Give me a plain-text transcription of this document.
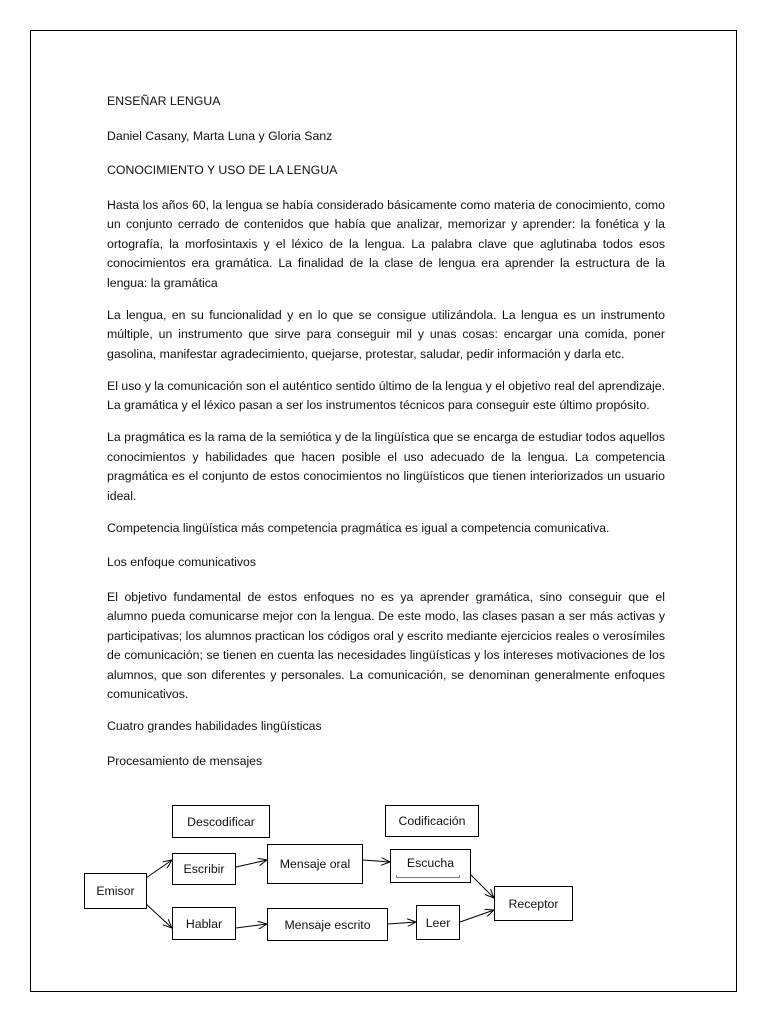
ENSEÑAR LENGUA

Daniel Casany, Marta Luna y Gloria Sanz

CONOCIMIENTO Y USO DE LA LENGUA

Hasta los años 60, la lengua se había considerado básicamente como materia de conocimiento, como un conjunto cerrado de contenidos que había que analizar, memorizar y aprender: la fonética y la ortografía, la morfosintaxis y el léxico de la lengua. La palabra clave que aglutinaba todos esos conocimientos era gramática. La finalidad de la clase de lengua era aprender la estructura de la lengua: la gramática

La lengua, en su funcionalidad y en lo que se consigue utilizándola. La lengua es un instrumento múltiple, un instrumento que sirve para conseguir mil y unas cosas: encargar una comida, poner gasolina, manifestar agradecimiento, quejarse, protestar, saludar, pedir información y darla etc.

El uso y la comunicación son el auténtico sentido último de la lengua y el objetivo real del aprendizaje. La gramática y el léxico pasan a ser los instrumentos técnicos para conseguir este último propósito.

La pragmática es la rama de la semiótica y de la lingüística que se encarga de estudiar todos aquellos conocimientos y habilidades que hacen posible el uso adecuado de la lengua. La competencia pragmática es el conjunto de estos conocimientos no lingüísticos que tienen interiorizados un usuario ideal.

Competencia lingüística más competencia pragmática es igual a competencia comunicativa.

Los enfoque comunicativos

El objetivo fundamental de estos enfoques no es ya aprender gramática, sino conseguir que el alumno pueda comunicarse mejor con la lengua. De este modo, las clases pasan a ser más activas y participativas; los alumnos practican los códigos oral y escrito mediante ejercicios reales o verosímiles de comunicación; se tienen en cuenta las necesidades lingüísticas y los intereses motivaciones de los alumnos, que son diferentes y personales. La comunicación, se denominan generalmente enfoques comunicativos.

Cuatro grandes habilidades lingüísticas

Procesamiento de mensajes

Descodificar	Codificación
Emisor
Escribir	Mensaje oral	Escucha
Receptor
Hablar	Mensaje escrito	Leer
